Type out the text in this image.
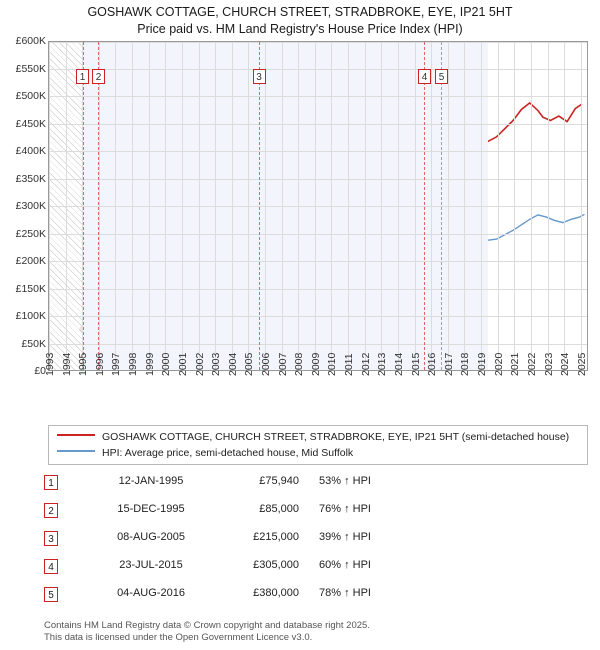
GOSHAWK COTTAGE, CHURCH STREET, STRADBROKE, EYE, IP21 5HT
Price paid vs. HM Land Registry's House Price Index (HPI)
1	2	3	4	5
£600K
£550K
£500K
£450K
£400K
£350K
£300K
£250K
£200K
£150K
£100K
£50K
£0
1993 1994 1995 1996 1997 1998 1999 2000 2001 2002 2003 2004 2005 2006 2007 2008 2009 2010 2011 2012 2013 2014 2015 2016 2017 2018 2019 2020 2021 2022 2023 2024 2025
GOSHAWK COTTAGE, CHURCH STREET, STRADBROKE, EYE, IP21 5HT (semi-detached house)
HPI: Average price, semi-detached house, Mid Suffolk
1	12-JAN-1995	£75,940 53% ↑ HPI
2	15-DEC-1995	£85,000 76% ↑ HPI
3	08-AUG-2005	£215,000 39% ↑ HPI
4	23-JUL-2015	£305,000 60% ↑ HPI
5	04-AUG-2016	£380,000 78% ↑ HPI
Contains HM Land Registry data © Crown copyright and database right 2025.
This data is licensed under the Open Government Licence v3.0.
